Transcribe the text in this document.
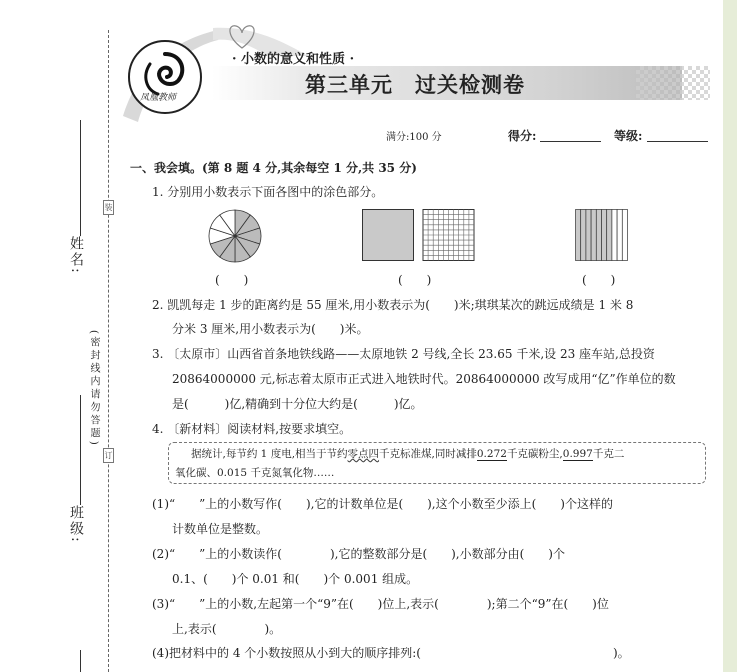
装
订
(密封线内请勿答题)
姓名:
班级:
凤凰教师
· 小数的意义和性质 ·
第三单元　过关检测卷
满分:100 分	得分:	等级:
一、我会填。(第 8 题 4 分,其余每空 1 分,共 35 分)
1. 分别用小数表示下面各图中的涂色部分。
(　　)	(　　)	(　　)
2. 凯凯每走 1 步的距离约是 55 厘米,用小数表示为(　　)米;琪琪某次的跳远成绩是 1 米 8
分米 3 厘米,用小数表示为(　　)米。
3. 〔太原市〕山西省首条地铁线路——太原地铁 2 号线,全长 23.65 千米,设 23 座车站,总投资
20864000000 元,标志着太原市正式进入地铁时代。20864000000 改写成用“亿”作单位的数
是(　　　)亿,精确到十分位大约是(　　　)亿。
4. 〔新材料〕阅读材料,按要求填空。
据统计,每节约 1 度电,相当于节约零点四千克标准煤,同时减排0.272千克碳粉尘,0.997千克二
氧化碳、0.015 千克氮氧化物……
(1)“　　”上的小数写作(　　),它的计数单位是(　　),这个小数至少添上(　　)个这样的
计数单位是整数。
(2)“　　”上的小数读作(　　　　),它的整数部分是(　　),小数部分由(　　)个
0.1、(　　)个 0.01 和(　　)个 0.001 组成。
(3)“　　”上的小数,左起第一个“9”在(　　)位上,表示(　　　　);第二个“9”在(　　)位
上,表示(　　　　)。
(4)把材料中的 4 个小数按照从小到大的顺序排列:(　　　　　　　　　　　　　　　　)。
